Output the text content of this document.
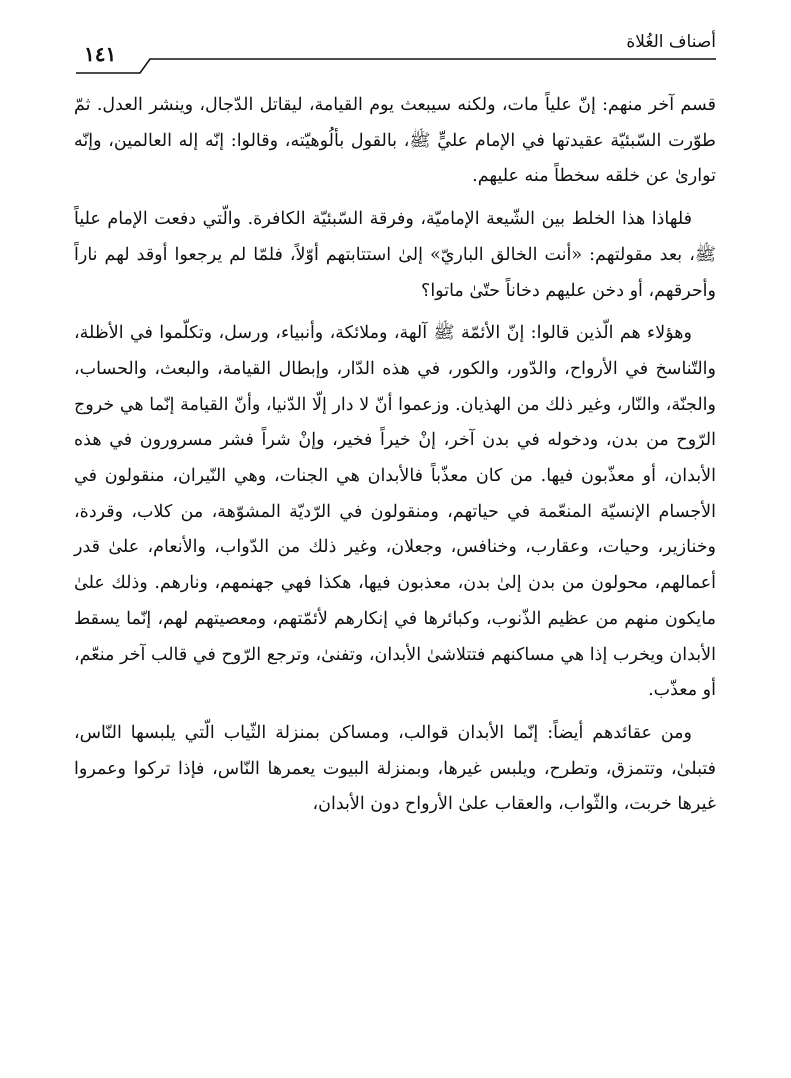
أصناف الغُلاة
١٤١

قسم آخر منهم: إنّ علياً مات، ولكنه سيبعث يوم القيامة، ليقاتل الدّجال، وينشر العدل. ثمّ طوّرت السّبئيّة عقيدتها في الإمام عليٍّ ﷺ، بالقول بألُوهيّته، وقالوا: إنّه إله العالمين، وإنّه توارىٰ عن خلقه سخطاً منه عليهم.

فلهاذا هذا الخلط بين الشّيعة الإماميّة، وفرقة السّبئيّة الكافرة. والّتي دفعت الإمام علياً ﷺ، بعد مقولتهم: «أنت الخالق الباريّ» إلىٰ استتابتهم أوّلاً، فلمّا لم يرجعوا أوقد لهم ناراً وأحرقهم، أو دخن عليهم دخاناً حتّىٰ ماتوا؟

وهؤلاء هم الّذين قالوا: إنّ الأئمّة ﷺ آلهة، وملائكة، وأنبياء، ورسل، وتكلّموا في الأظلة، والتّناسخ في الأرواح، والدّور، والكور، في هذه الدّار، وإبطال القيامة، والبعث، والحساب، والجنّة، والنّار، وغير ذلك من الهذيان. وزعموا أنّ لا دار إلّا الدّنيا، وأنّ القيامة إنّما هي خروج الرّوح من بدن، ودخوله في بدن آخر، إنْ خيراً فخير، وإنْ شراً فشر مسرورون في هذه الأبدان، أو معذّبون فيها. من كان معذّباً فالأبدان هي الجنات، وهي النّيران، منقولون في الأجسام الإنسيّة المنعّمة في حياتهم، ومنقولون في الرّديّة المشوّهة، من كلاب، وقردة، وخنازير، وحيات، وعقارب، وخنافس، وجعلان، وغير ذلك من الدّواب، والأنعام، علىٰ قدر أعمالهم، محولون من بدن إلىٰ بدن، معذبون فيها، هكذا فهي جهنمهم، ونارهم. وذلك علىٰ مايكون منهم من عظيم الذّنوب، وكبائرها في إنكارهم لأئمّتهم، ومعصيتهم لهم، إنّما يسقط الأبدان ويخرب إذا هي مساكنهم فتتلاشىٰ الأبدان، وتفنىٰ، وترجع الرّوح في قالب آخر منعّم، أو معذّب.

ومن عقائدهم أيضاً: إنّما الأبدان قوالب، ومساكن بمنزلة الثّياب الّتي يلبسها النّاس، فتبلىٰ، وتتمزق، وتطرح، ويلبس غيرها، وبمنزلة البيوت يعمرها النّاس، فإذا تركوا وعمروا غيرها خربت، والثّواب، والعقاب علىٰ الأرواح دون الأبدان،
